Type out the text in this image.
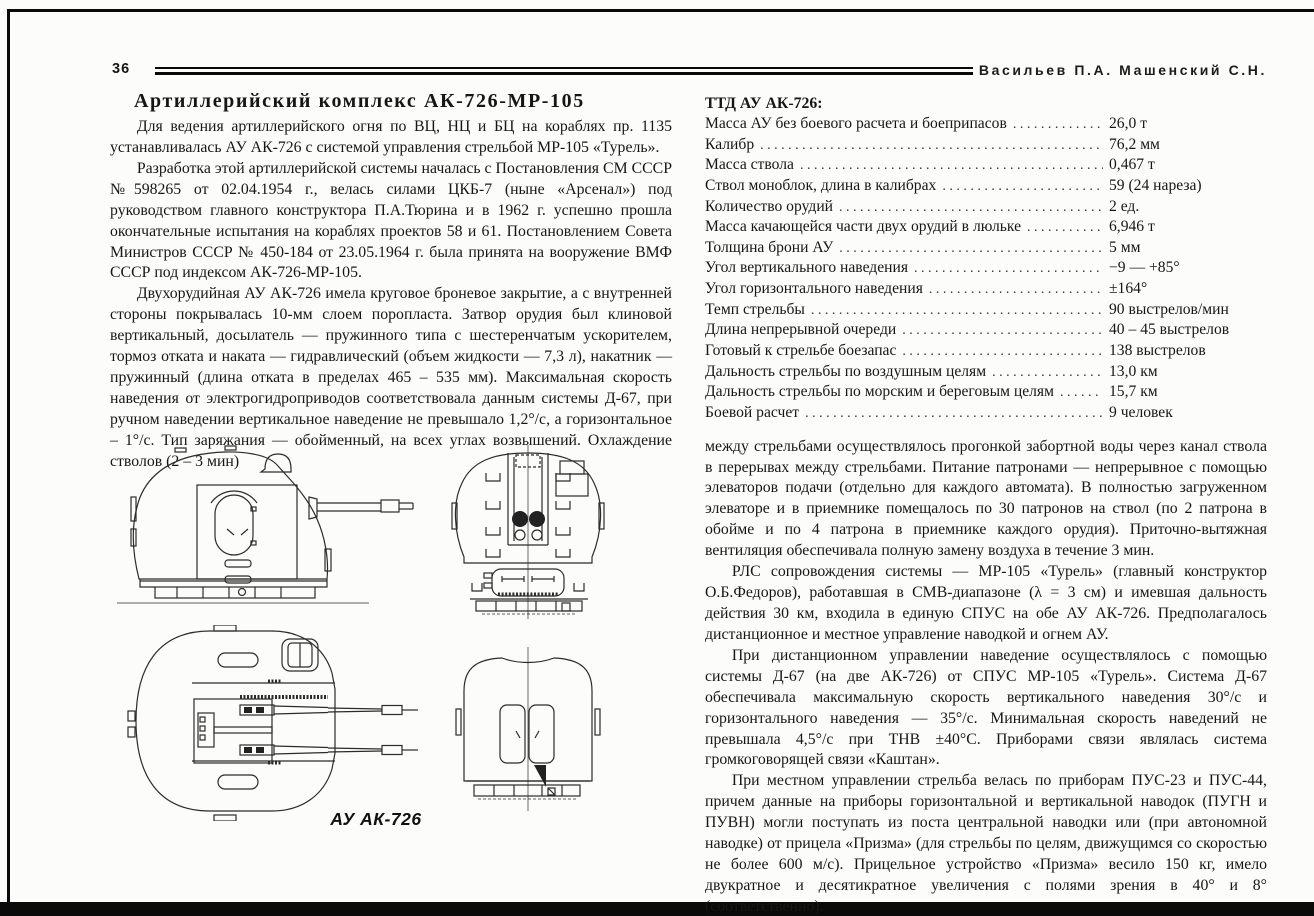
36	Васильев П.А. Машенский С.Н.
Артиллерийский комплекс АК-726-МР-105

Для ведения артиллерийского огня по ВЦ, НЦ и БЦ на кораблях пр. 1135 устанавливалась АУ АК-726 с системой управления стрельбой МР-105 «Турель».

Разработка этой артиллерийской системы началась с Постановления СМ СССР №598265 от 02.04.1954 г., велась силами ЦКБ-7 (ныне «Арсенал») под руководством главного конструктора П.А.Тюрина и в 1962 г. успешно прошла окончательные испытания на кораблях проектов 58 и 61. Постановлением Совета Министров СССР № 450-184 от 23.05.1964 г. была принята на вооружение ВМФ СССР под индексом АК-726-МР-105.

Двухорудийная АУ АК-726 имела круговое броневое закрытие, а с внутренней стороны покрывалась 10-мм слоем поропласта. Затвор орудия был клиновой вертикальный, досылатель — пружинного типа с шестеренчатым ускорителем, тормоз отката и наката — гидравлический (объем жидкости — 7,3 л), накатник — пружинный (длина отката в пределах 465 – 535 мм). Максимальная скорость наведения от электрогидроприводов соответствовала данным системы Д-67, при ручном наведении вертикальное наведение не превышало 1,2°/с, а горизонтальное – 1°/с. Тип заряжания — обойменный, на всех углах возвышений. Охлаждение стволов (2 – 3 мин)

ТТД АУ АК-726:
Масса АУ без боевого расчета и боеприпасов .....	26,0 т
Калибр .....	76,2 мм
Масса ствола .....	0,467 т
Ствол моноблок, длина в калибрах .....	59 (24 нареза)
Количество орудий .....	2 ед.
Масса качающейся части двух орудий в люльке .....	6,946 т
Толщина брони АУ .....	5 мм
Угол вертикального наведения .....	−9 — +85°
Угол горизонтального наведения .....	±164°
Темп стрельбы .....	90 выстрелов/мин
Длина непрерывной очереди .....	40 – 45 выстрелов
Готовый к стрельбе боезапас .....	138 выстрелов
Дальность стрельбы по воздушным целям .....	13,0 км
Дальность стрельбы по морским и береговым целям .....	15,7 км
Боевой расчет .....	9 человек

между стрельбами осуществлялось прогонкой забортной воды через канал ствола в перерывах между стрельбами. Питание патронами — непрерывное с помощью элеваторов подачи (отдельно для каждого автомата). В полностью загруженном элеваторе и в приемнике помещалось по 30 патронов на ствол (по 2 патрона в обойме и по 4 патрона в приемнике каждого орудия). Приточно-вытяжная вентиляция обеспечивала полную замену воздуха в течение 3 мин.

РЛС сопровождения системы — МР-105 «Турель» (главный конструктор О.Б.Федоров), работавшая в СМВ-диапазоне (λ = 3 см) и имевшая дальность действия 30 км, входила в единую СПУС на обе АУ АК-726. Предполагалось дистанционное и местное управление наводкой и огнем АУ.

При дистанционном управлении наведение осуществлялось с помощью системы Д-67 (на две АК-726) от СПУС МР-105 «Турель». Система Д-67 обеспечивала максимальную скорость вертикального наведения 30°/с и горизонтального наведения — 35°/с. Минимальная скорость наведений не превышала 4,5°/с при ТНВ ±40°С. Приборами связи являлась система громкоговорящей связи «Каштан».

При местном управлении стрельба велась по приборам ПУС-23 и ПУС-44, причем данные на приборы горизонтальной и вертикальной наводок (ПУГН и ПУВН) могли поступать из поста центральной наводки или (при автономной наводке) от прицела «Призма» (для стрельбы по целям, движущимся со скоростью не более 600 м/с). Прицельное устройство «Призма» весило 150 кг, имело двукратное и десятикратное увеличения с полями зрения в 40° и 8° (соответственно).

АУ АК-726
